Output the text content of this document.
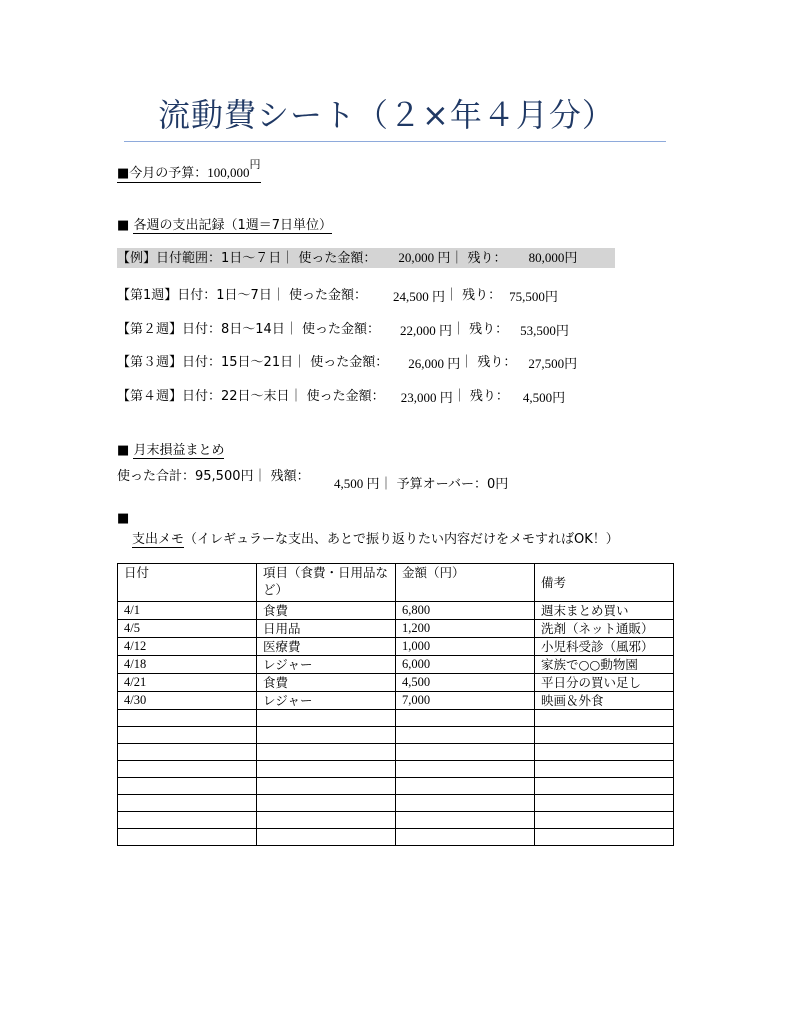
流動費シート（２×年４月分）
■今月の予算：$100,000^円$
■ 各週の支出記録（1週＝7日単位）
【例】日付範囲：1日～７日｜ 使った金額： 20,000 円｜ 残り： 80,000円
【第1週】日付：1日～7日｜ 使った金額： 24,500 円｜ 残り： 75,500円
【第２週】日付：8日～14日｜ 使った金額： 22,000 円｜ 残り： 53,500円
【第３週】日付：15日～21日｜ 使った金額： 26,000 円｜ 残り： 27,500円
【第４週】日付：22日～末日｜ 使った金額： 23,000 円｜ 残り： 4,500円
■ 月末損益まとめ
使った合計：95,500円｜ 残額： 4,500 円｜ 予算オーバー：0円
■
支出メモ（イレギュラーな支出、あとで振り返りたい内容だけをメモすればOK！）
日付	項目（食費・日用品など）	金額（円）	備考
4/1	食費	6,800	週末まとめ買い
4/5	日用品	1,200	洗剤（ネット通販）
4/12	医療費	1,000	小児科受診（風邪）
4/18	レジャー	6,000	家族で○○動物園
4/21	食費	4,500	平日分の買い足し
4/30	レジャー	7,000	映画＆外食
